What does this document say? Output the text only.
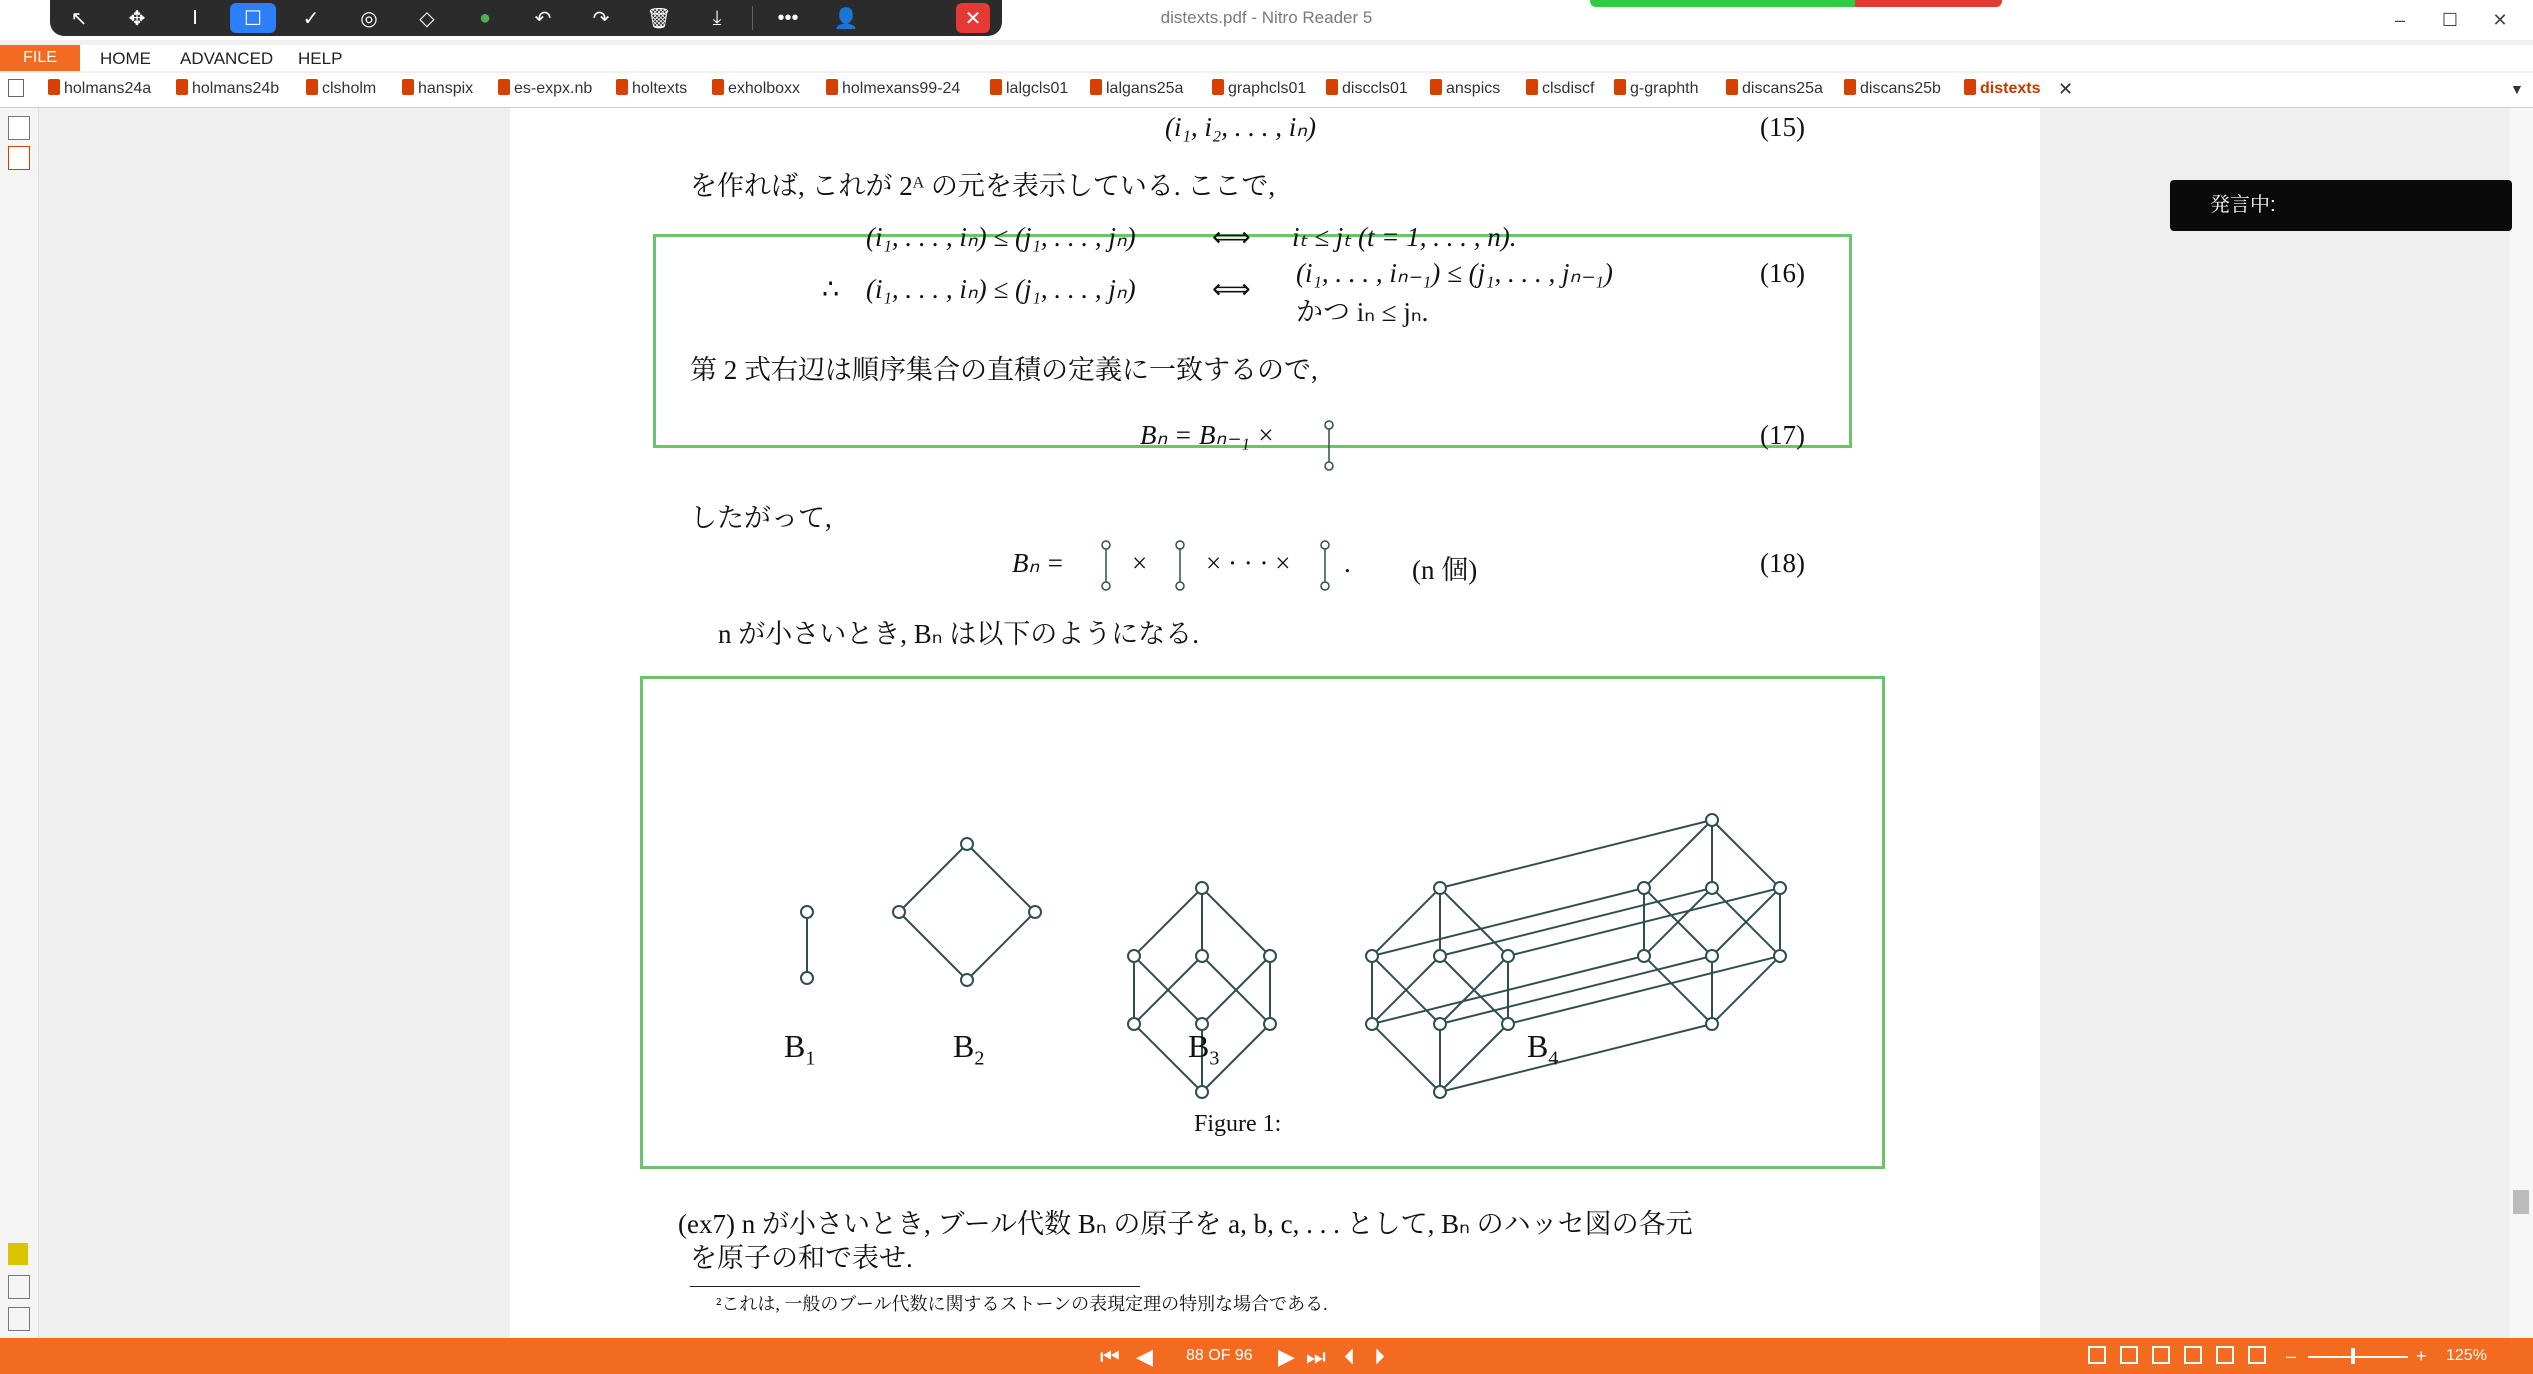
distexts.pdf - Nitro Reader 5	–	☐	✕
↖	✥	I	☐	✓	◎	◇	●	↶	↷	🗑	⤓	•••	👤	✕
FILE	HOME ADVANCED HELP
holmans24a	holmans24b	clsholm	hanspix	es-expx.nb	holtexts	exholboxx	holmexans99-24	lalgcls01	lalgans25a	graphcls01	disccls01	anspics	clsdiscf	g-graphth	discans25a	discans25b	distexts ✕	▼
(i₁, i₂, . . . , iₙ)	(15)
を作れば, これが 2ᴬ の元を表示している. ここで,
(i₁, . . . , iₙ) ≤ (j₁, . . . , jₙ)	⟺ iₜ ≤ jₜ (t = 1, . . . , n).
∴ (i₁, . . . , iₙ) ≤ (j₁, . . . , jₙ)	⟺
(i₁, . . . , iₙ₋₁) ≤ (j₁, . . . , jₙ₋₁)
かつ iₙ ≤ jₙ.
(16)
第 2 式右辺は順序集合の直積の定義に一致するので,
Bₙ = Bₙ₋₁ ×	(17)
したがって,
Bₙ =	× × · · · × . (n 個)	(18)
n が小さいとき, Bₙ は以下のようになる.
$B_1$	$B_2$	$B_3$	$B_4$
Figure 1:
(ex7) n が小さいとき, ブール代数 Bₙ の原子を a, b, c, . . . として, Bₙ のハッセ図の各元
を原子の和で表せ.
²これは, 一般のブール代数に関するストーンの表現定理の特別な場合である.
発言中:
⏮ ◀ 88 OF 96 ▶ ⏭ ⏴ ⏵	–	+ 125%
